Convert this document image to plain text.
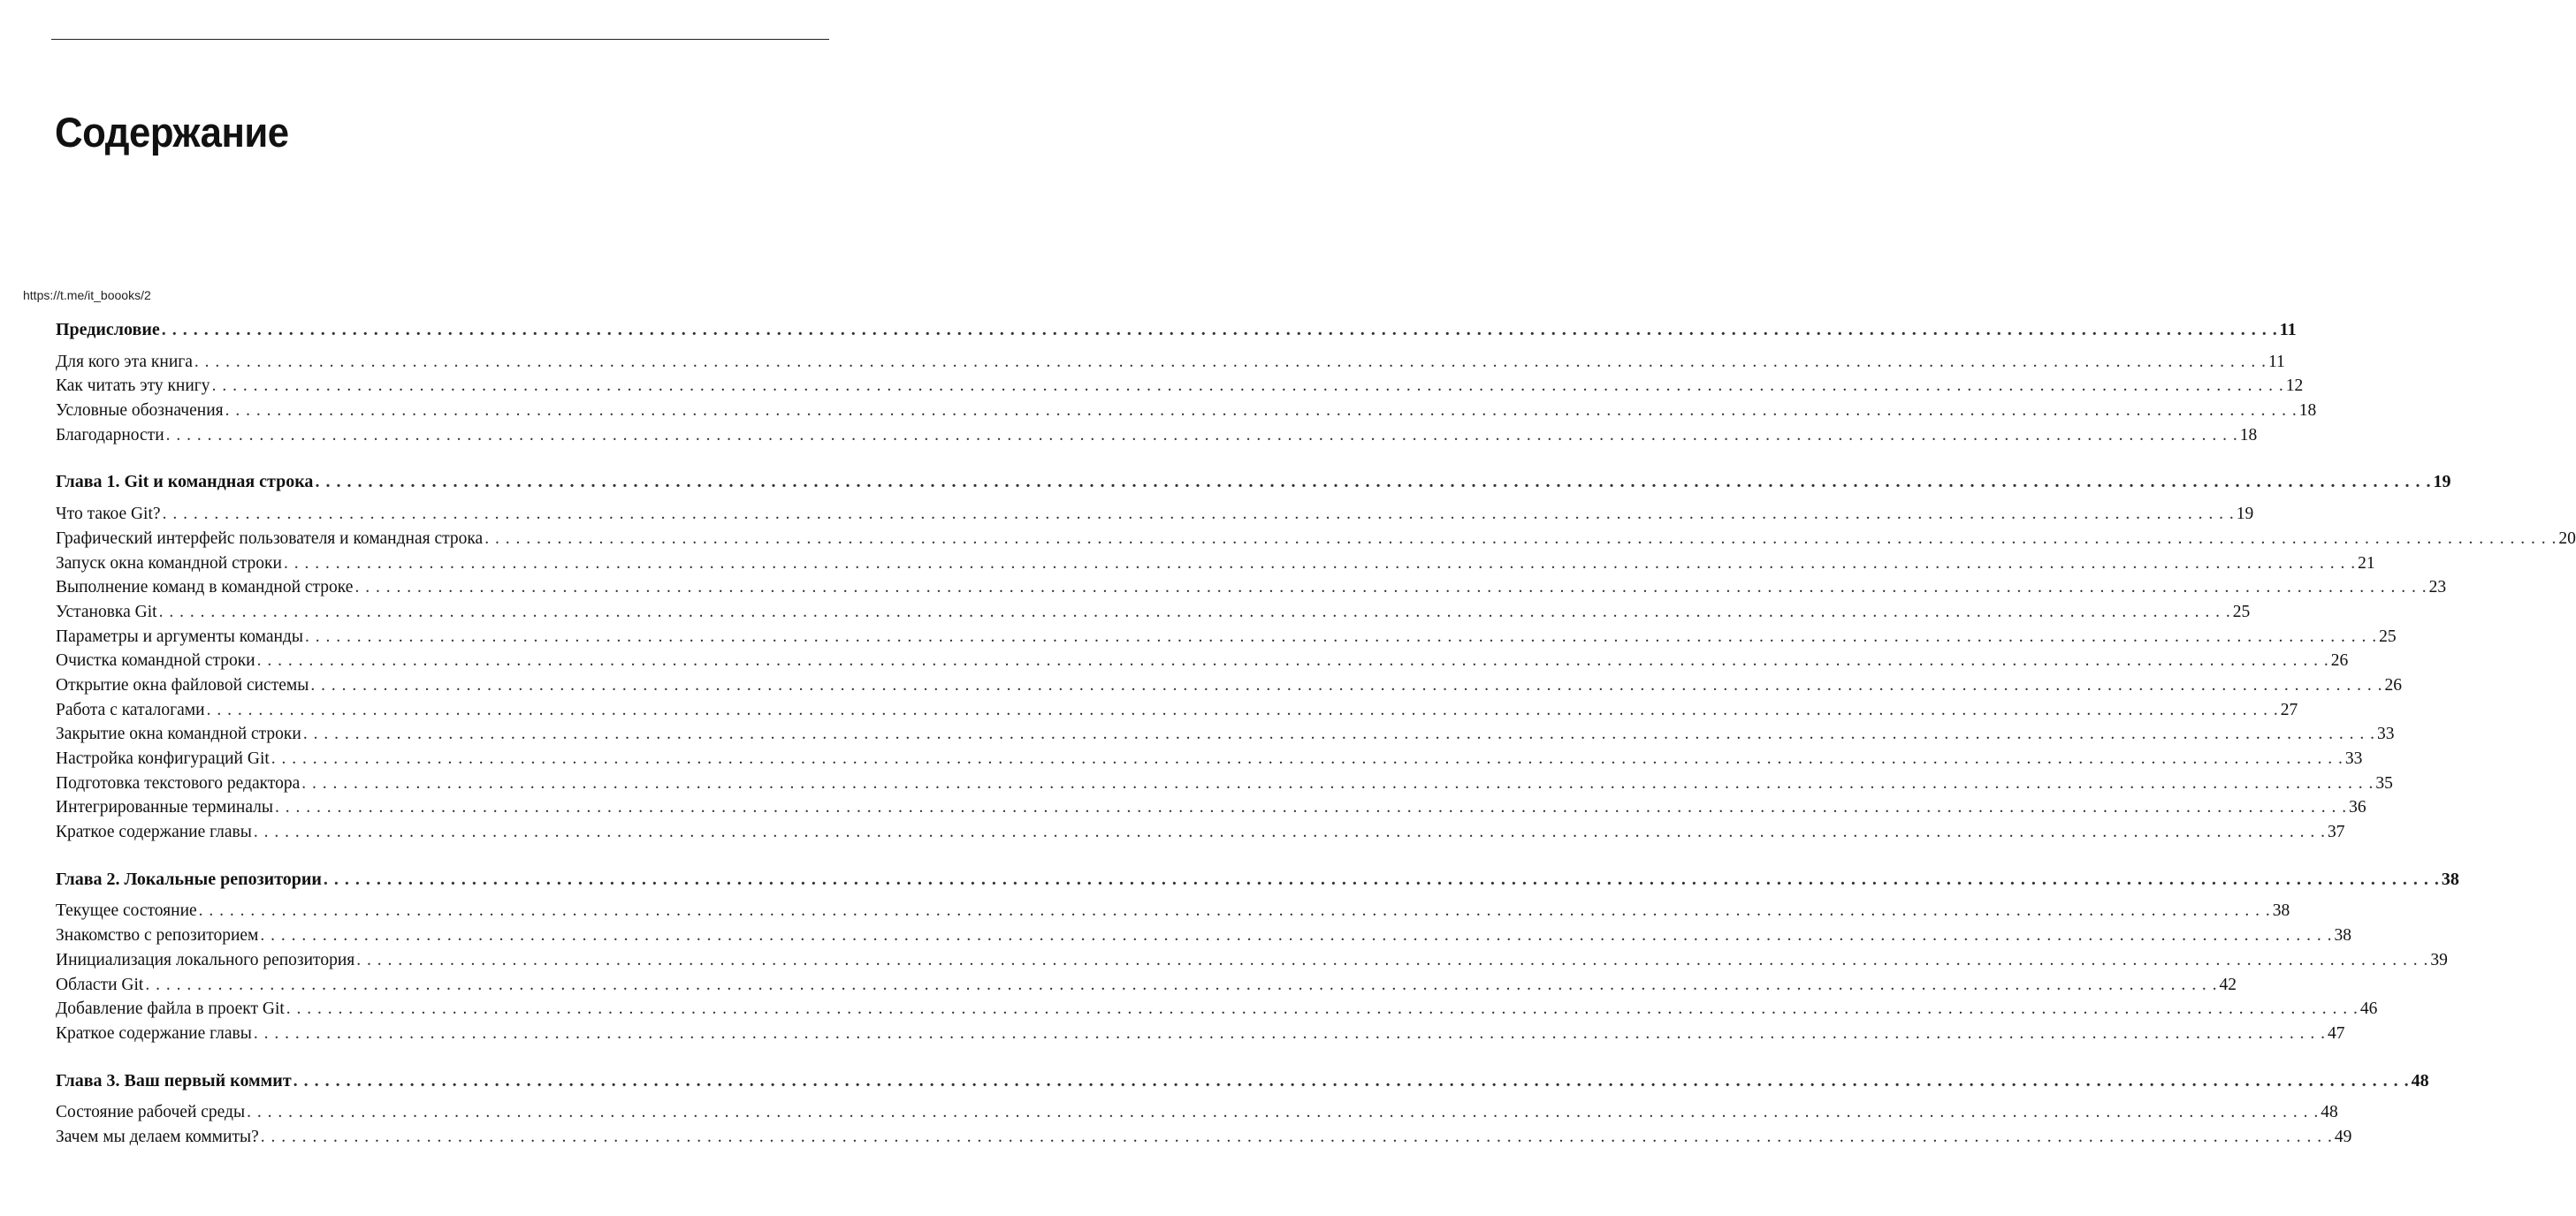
Содержание
https://t.me/it_boooks/2
Предисловие . . . . . . . . . . . . . . . . . . . . . . . . . . . . . . . . . . . . . . . . . . . . . . . . . . . . . . . . . . . . . . . . . . . . . . . . . . . . . . . . . . . . . . . . . . . . . . . . . . . . . . . . . . . . . . . . . . . . . . . . . . . . . . . . . . . . . . . . . . . . . . . . . . . . . . . . . . . . . . . . . . . . . . . . . . . . . . . . . . . . . . . . . . . . . . . . . . . . . . . . 11
Для кого эта книга . . . . . . . . . . . . . . . . . . . . . . . . . . . . . . . . . . . . . . . . . . . . . . . . . . . . . . . . . . . . . . . . . . . . . . . . . . . . . . . . . . . . . . . . . . . . . . . . . . . . . . . . . . . . . . . . . . . . . . . . . . . . . . . . . . . . . . . . . . . . . . . . . . . . . . . . . . . . . . . . . . . . . . . . . . . . . . . . . . . . . . . . . . . . . . . . . . . . . . . . 11
Как читать эту книгу . . . . . . . . . . . . . . . . . . . . . . . . . . . . . . . . . . . . . . . . . . . . . . . . . . . . . . . . . . . . . . . . . . . . . . . . . . . . . . . . . . . . . . . . . . . . . . . . . . . . . . . . . . . . . . . . . . . . . . . . . . . . . . . . . . . . . . . . . . . . . . . . . . . . . . . . . . . . . . . . . . . . . . . . . . . . . . . . . . . . . . . . . . . . . . . . . . . . . . . . 12
Условные обозначения . . . . . . . . . . . . . . . . . . . . . . . . . . . . . . . . . . . . . . . . . . . . . . . . . . . . . . . . . . . . . . . . . . . . . . . . . . . . . . . . . . . . . . . . . . . . . . . . . . . . . . . . . . . . . . . . . . . . . . . . . . . . . . . . . . . . . . . . . . . . . . . . . . . . . . . . . . . . . . . . . . . . . . . . . . . . . . . . . . . . . . . . . . . . . . . . . . . . . . . . 18
Благодарности . . . . . . . . . . . . . . . . . . . . . . . . . . . . . . . . . . . . . . . . . . . . . . . . . . . . . . . . . . . . . . . . . . . . . . . . . . . . . . . . . . . . . . . . . . . . . . . . . . . . . . . . . . . . . . . . . . . . . . . . . . . . . . . . . . . . . . . . . . . . . . . . . . . . . . . . . . . . . . . . . . . . . . . . . . . . . . . . . . . . . . . . . . . . . . . . . . . . . . . . 18
Глава 1. Git и командная строка . . . . . . . . . . . . . . . . . . . . . . . . . . . . . . . . . . . . . . . . . . . . . . . . . . . . . . . . . . . . . . . . . . . . . . . . . . . . . . . . . . . . . . . . . . . . . . . . . . . . . . . . . . . . . . . . . . . . . . . . . . . . . . . . . . . . . . . . . . . . . . . . . . . . . . . . . . . . . . . . . . . . . . . . . . . . . . . . . . . . . . . . . . . . . . . . . . . . . . . . 19
Что такое Git? . . . . . . . . . . . . . . . . . . . . . . . . . . . . . . . . . . . . . . . . . . . . . . . . . . . . . . . . . . . . . . . . . . . . . . . . . . . . . . . . . . . . . . . . . . . . . . . . . . . . . . . . . . . . . . . . . . . . . . . . . . . . . . . . . . . . . . . . . . . . . . . . . . . . . . . . . . . . . . . . . . . . . . . . . . . . . . . . . . . . . . . . . . . . . . . . . . . . . . . . 19
Графический интерфейс пользователя и командная строка . . . . . . . . . . . . . . . . . . . . . . . . . . . . . . . . . . . . . . . . . . . . . . . . . . . . . . . . . . . . . . . . . . . . . . . . . . . . . . . . . . . . . . . . . . . . . . . . . . . . . . . . . . . . . . . . . . . . . . . . . . . . . . . . . . . . . . . . . . . . . . . . . . . . . . . . . . . . . . . . . . . . . . . . . . . . . . . . . . . . . . . . . . . . . . . . . . . . . . . . 20
Запуск окна командной строки . . . . . . . . . . . . . . . . . . . . . . . . . . . . . . . . . . . . . . . . . . . . . . . . . . . . . . . . . . . . . . . . . . . . . . . . . . . . . . . . . . . . . . . . . . . . . . . . . . . . . . . . . . . . . . . . . . . . . . . . . . . . . . . . . . . . . . . . . . . . . . . . . . . . . . . . . . . . . . . . . . . . . . . . . . . . . . . . . . . . . . . . . . . . . . . . . . . . . . . . 21
Выполнение команд в командной строке . . . . . . . . . . . . . . . . . . . . . . . . . . . . . . . . . . . . . . . . . . . . . . . . . . . . . . . . . . . . . . . . . . . . . . . . . . . . . . . . . . . . . . . . . . . . . . . . . . . . . . . . . . . . . . . . . . . . . . . . . . . . . . . . . . . . . . . . . . . . . . . . . . . . . . . . . . . . . . . . . . . . . . . . . . . . . . . . . . . . . . . . . . . . . . . . . . . . . . . . 23
Установка Git . . . . . . . . . . . . . . . . . . . . . . . . . . . . . . . . . . . . . . . . . . . . . . . . . . . . . . . . . . . . . . . . . . . . . . . . . . . . . . . . . . . . . . . . . . . . . . . . . . . . . . . . . . . . . . . . . . . . . . . . . . . . . . . . . . . . . . . . . . . . . . . . . . . . . . . . . . . . . . . . . . . . . . . . . . . . . . . . . . . . . . . . . . . . . . . . . . . . . . . . 25
Параметры и аргументы команды . . . . . . . . . . . . . . . . . . . . . . . . . . . . . . . . . . . . . . . . . . . . . . . . . . . . . . . . . . . . . . . . . . . . . . . . . . . . . . . . . . . . . . . . . . . . . . . . . . . . . . . . . . . . . . . . . . . . . . . . . . . . . . . . . . . . . . . . . . . . . . . . . . . . . . . . . . . . . . . . . . . . . . . . . . . . . . . . . . . . . . . . . . . . . . . . . . . . . . . . 25
Очистка командной строки . . . . . . . . . . . . . . . . . . . . . . . . . . . . . . . . . . . . . . . . . . . . . . . . . . . . . . . . . . . . . . . . . . . . . . . . . . . . . . . . . . . . . . . . . . . . . . . . . . . . . . . . . . . . . . . . . . . . . . . . . . . . . . . . . . . . . . . . . . . . . . . . . . . . . . . . . . . . . . . . . . . . . . . . . . . . . . . . . . . . . . . . . . . . . . . . . . . . . . . . 26
Открытие окна файловой системы . . . . . . . . . . . . . . . . . . . . . . . . . . . . . . . . . . . . . . . . . . . . . . . . . . . . . . . . . . . . . . . . . . . . . . . . . . . . . . . . . . . . . . . . . . . . . . . . . . . . . . . . . . . . . . . . . . . . . . . . . . . . . . . . . . . . . . . . . . . . . . . . . . . . . . . . . . . . . . . . . . . . . . . . . . . . . . . . . . . . . . . . . . . . . . . . . . . . . . . . 26
Работа с каталогами . . . . . . . . . . . . . . . . . . . . . . . . . . . . . . . . . . . . . . . . . . . . . . . . . . . . . . . . . . . . . . . . . . . . . . . . . . . . . . . . . . . . . . . . . . . . . . . . . . . . . . . . . . . . . . . . . . . . . . . . . . . . . . . . . . . . . . . . . . . . . . . . . . . . . . . . . . . . . . . . . . . . . . . . . . . . . . . . . . . . . . . . . . . . . . . . . . . . . . . . 27
Закрытие окна командной строки . . . . . . . . . . . . . . . . . . . . . . . . . . . . . . . . . . . . . . . . . . . . . . . . . . . . . . . . . . . . . . . . . . . . . . . . . . . . . . . . . . . . . . . . . . . . . . . . . . . . . . . . . . . . . . . . . . . . . . . . . . . . . . . . . . . . . . . . . . . . . . . . . . . . . . . . . . . . . . . . . . . . . . . . . . . . . . . . . . . . . . . . . . . . . . . . . . . . . . . . 33
Настройка конфигураций Git . . . . . . . . . . . . . . . . . . . . . . . . . . . . . . . . . . . . . . . . . . . . . . . . . . . . . . . . . . . . . . . . . . . . . . . . . . . . . . . . . . . . . . . . . . . . . . . . . . . . . . . . . . . . . . . . . . . . . . . . . . . . . . . . . . . . . . . . . . . . . . . . . . . . . . . . . . . . . . . . . . . . . . . . . . . . . . . . . . . . . . . . . . . . . . . . . . . . . . . . 33
Подготовка текстового редактора . . . . . . . . . . . . . . . . . . . . . . . . . . . . . . . . . . . . . . . . . . . . . . . . . . . . . . . . . . . . . . . . . . . . . . . . . . . . . . . . . . . . . . . . . . . . . . . . . . . . . . . . . . . . . . . . . . . . . . . . . . . . . . . . . . . . . . . . . . . . . . . . . . . . . . . . . . . . . . . . . . . . . . . . . . . . . . . . . . . . . . . . . . . . . . . . . . . . . . . . 35
Интегрированные терминалы . . . . . . . . . . . . . . . . . . . . . . . . . . . . . . . . . . . . . . . . . . . . . . . . . . . . . . . . . . . . . . . . . . . . . . . . . . . . . . . . . . . . . . . . . . . . . . . . . . . . . . . . . . . . . . . . . . . . . . . . . . . . . . . . . . . . . . . . . . . . . . . . . . . . . . . . . . . . . . . . . . . . . . . . . . . . . . . . . . . . . . . . . . . . . . . . . . . . . . . . 36
Краткое содержание главы . . . . . . . . . . . . . . . . . . . . . . . . . . . . . . . . . . . . . . . . . . . . . . . . . . . . . . . . . . . . . . . . . . . . . . . . . . . . . . . . . . . . . . . . . . . . . . . . . . . . . . . . . . . . . . . . . . . . . . . . . . . . . . . . . . . . . . . . . . . . . . . . . . . . . . . . . . . . . . . . . . . . . . . . . . . . . . . . . . . . . . . . . . . . . . . . . . . . . . . . 37
Глава 2. Локальные репозитории . . . . . . . . . . . . . . . . . . . . . . . . . . . . . . . . . . . . . . . . . . . . . . . . . . . . . . . . . . . . . . . . . . . . . . . . . . . . . . . . . . . . . . . . . . . . . . . . . . . . . . . . . . . . . . . . . . . . . . . . . . . . . . . . . . . . . . . . . . . . . . . . . . . . . . . . . . . . . . . . . . . . . . . . . . . . . . . . . . . . . . . . . . . . . . . . . . . . . . . . 38
Текущее состояние . . . . . . . . . . . . . . . . . . . . . . . . . . . . . . . . . . . . . . . . . . . . . . . . . . . . . . . . . . . . . . . . . . . . . . . . . . . . . . . . . . . . . . . . . . . . . . . . . . . . . . . . . . . . . . . . . . . . . . . . . . . . . . . . . . . . . . . . . . . . . . . . . . . . . . . . . . . . . . . . . . . . . . . . . . . . . . . . . . . . . . . . . . . . . . . . . . . . . . . . 38
Знакомство с репозиторием . . . . . . . . . . . . . . . . . . . . . . . . . . . . . . . . . . . . . . . . . . . . . . . . . . . . . . . . . . . . . . . . . . . . . . . . . . . . . . . . . . . . . . . . . . . . . . . . . . . . . . . . . . . . . . . . . . . . . . . . . . . . . . . . . . . . . . . . . . . . . . . . . . . . . . . . . . . . . . . . . . . . . . . . . . . . . . . . . . . . . . . . . . . . . . . . . . . . . . . . 38
Инициализация локального репозитория . . . . . . . . . . . . . . . . . . . . . . . . . . . . . . . . . . . . . . . . . . . . . . . . . . . . . . . . . . . . . . . . . . . . . . . . . . . . . . . . . . . . . . . . . . . . . . . . . . . . . . . . . . . . . . . . . . . . . . . . . . . . . . . . . . . . . . . . . . . . . . . . . . . . . . . . . . . . . . . . . . . . . . . . . . . . . . . . . . . . . . . . . . . . . . . . . . . . . . . . 39
Области Git . . . . . . . . . . . . . . . . . . . . . . . . . . . . . . . . . . . . . . . . . . . . . . . . . . . . . . . . . . . . . . . . . . . . . . . . . . . . . . . . . . . . . . . . . . . . . . . . . . . . . . . . . . . . . . . . . . . . . . . . . . . . . . . . . . . . . . . . . . . . . . . . . . . . . . . . . . . . . . . . . . . . . . . . . . . . . . . . . . . . . . . . . . . . . . . . . . . . . . . . 42
Добавление файла в проект Git . . . . . . . . . . . . . . . . . . . . . . . . . . . . . . . . . . . . . . . . . . . . . . . . . . . . . . . . . . . . . . . . . . . . . . . . . . . . . . . . . . . . . . . . . . . . . . . . . . . . . . . . . . . . . . . . . . . . . . . . . . . . . . . . . . . . . . . . . . . . . . . . . . . . . . . . . . . . . . . . . . . . . . . . . . . . . . . . . . . . . . . . . . . . . . . . . . . . . . . . 46
Краткое содержание главы . . . . . . . . . . . . . . . . . . . . . . . . . . . . . . . . . . . . . . . . . . . . . . . . . . . . . . . . . . . . . . . . . . . . . . . . . . . . . . . . . . . . . . . . . . . . . . . . . . . . . . . . . . . . . . . . . . . . . . . . . . . . . . . . . . . . . . . . . . . . . . . . . . . . . . . . . . . . . . . . . . . . . . . . . . . . . . . . . . . . . . . . . . . . . . . . . . . . . . . . 47
Глава 3. Ваш первый коммит . . . . . . . . . . . . . . . . . . . . . . . . . . . . . . . . . . . . . . . . . . . . . . . . . . . . . . . . . . . . . . . . . . . . . . . . . . . . . . . . . . . . . . . . . . . . . . . . . . . . . . . . . . . . . . . . . . . . . . . . . . . . . . . . . . . . . . . . . . . . . . . . . . . . . . . . . . . . . . . . . . . . . . . . . . . . . . . . . . . . . . . . . . . . . . . . . . . . . . . . 48
Состояние рабочей среды . . . . . . . . . . . . . . . . . . . . . . . . . . . . . . . . . . . . . . . . . . . . . . . . . . . . . . . . . . . . . . . . . . . . . . . . . . . . . . . . . . . . . . . . . . . . . . . . . . . . . . . . . . . . . . . . . . . . . . . . . . . . . . . . . . . . . . . . . . . . . . . . . . . . . . . . . . . . . . . . . . . . . . . . . . . . . . . . . . . . . . . . . . . . . . . . . . . . . . . . 48
Зачем мы делаем коммиты? . . . . . . . . . . . . . . . . . . . . . . . . . . . . . . . . . . . . . . . . . . . . . . . . . . . . . . . . . . . . . . . . . . . . . . . . . . . . . . . . . . . . . . . . . . . . . . . . . . . . . . . . . . . . . . . . . . . . . . . . . . . . . . . . . . . . . . . . . . . . . . . . . . . . . . . . . . . . . . . . . . . . . . . . . . . . . . . . . . . . . . . . . . . . . . . . . . . . . . . . 49
